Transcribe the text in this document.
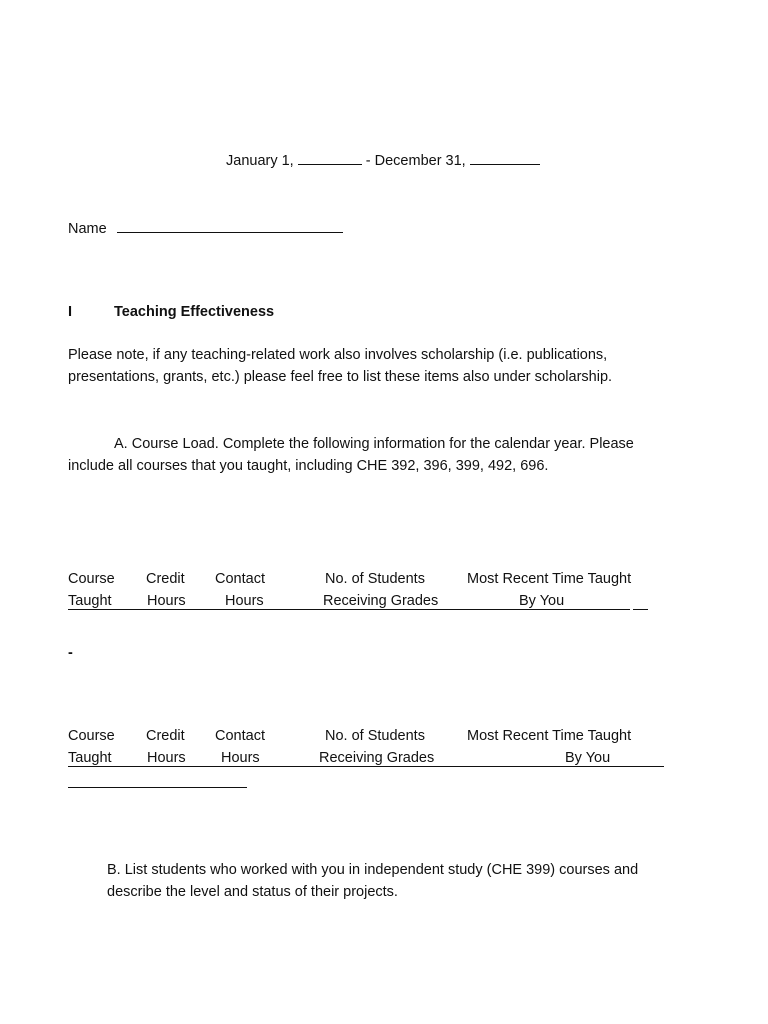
January 1,	- December 31,
Name
I	Teaching Effectiveness
Please note, if any teaching-related work also involves scholarship (i.e. publications,
presentations, grants, etc.) please feel free to list these items also under scholarship.
A. Course Load. Complete the following information for the calendar year. Please
include all courses that you taught, including CHE 392, 396, 399, 492, 696.
Course
Taught
Credit
Hours
Contact
Hours
No. of Students
Receiving Grades
Most Recent Time Taught
By You
-
Course
Taught
Credit
Hours
Contact
Hours
No. of Students
Receiving Grades
Most Recent Time Taught
By You
B. List students who worked with you in independent study (CHE 399) courses and
describe the level and status of their projects.
